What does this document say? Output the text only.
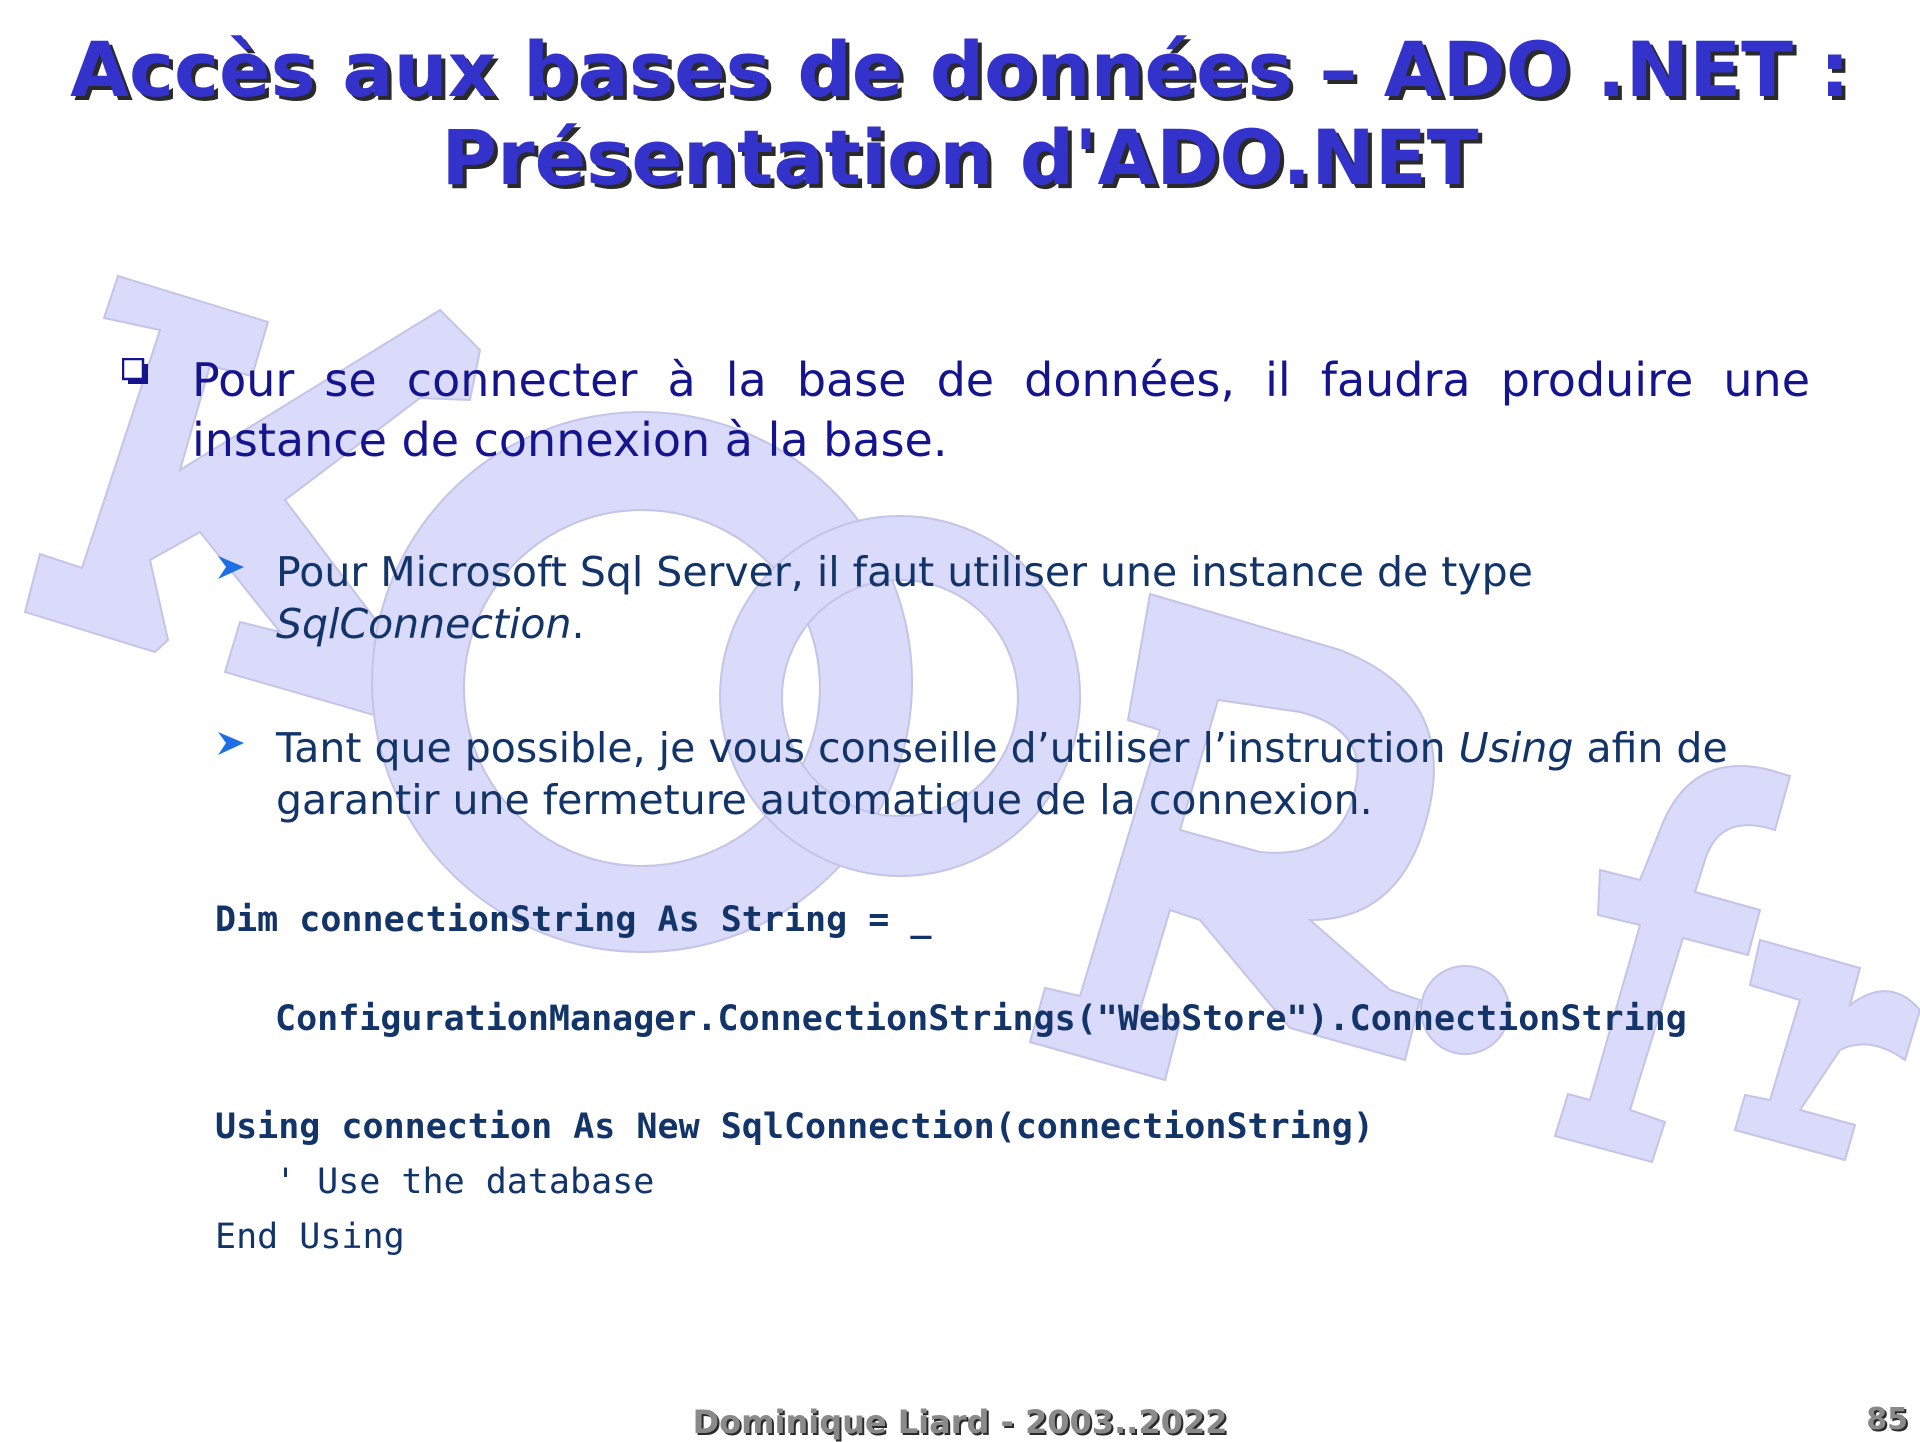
Accès aux bases de données – ADO .NET :
Présentation d'ADO.NET
Pour se connecter à la base de données, il faudra produire une instance de connexion à la base.
Pour Microsoft Sql Server, il faut utiliser une instance de type SqlConnection.
Tant que possible, je vous conseille d’utiliser l’instruction Using afin de garantir une fermeture automatique de la connexion.
Dim connectionString As String = _
ConfigurationManager.ConnectionStrings("WebStore").ConnectionString
Using connection As New SqlConnection(connectionString)
' Use the database
End Using
Dominique Liard - 2003..2022	85
